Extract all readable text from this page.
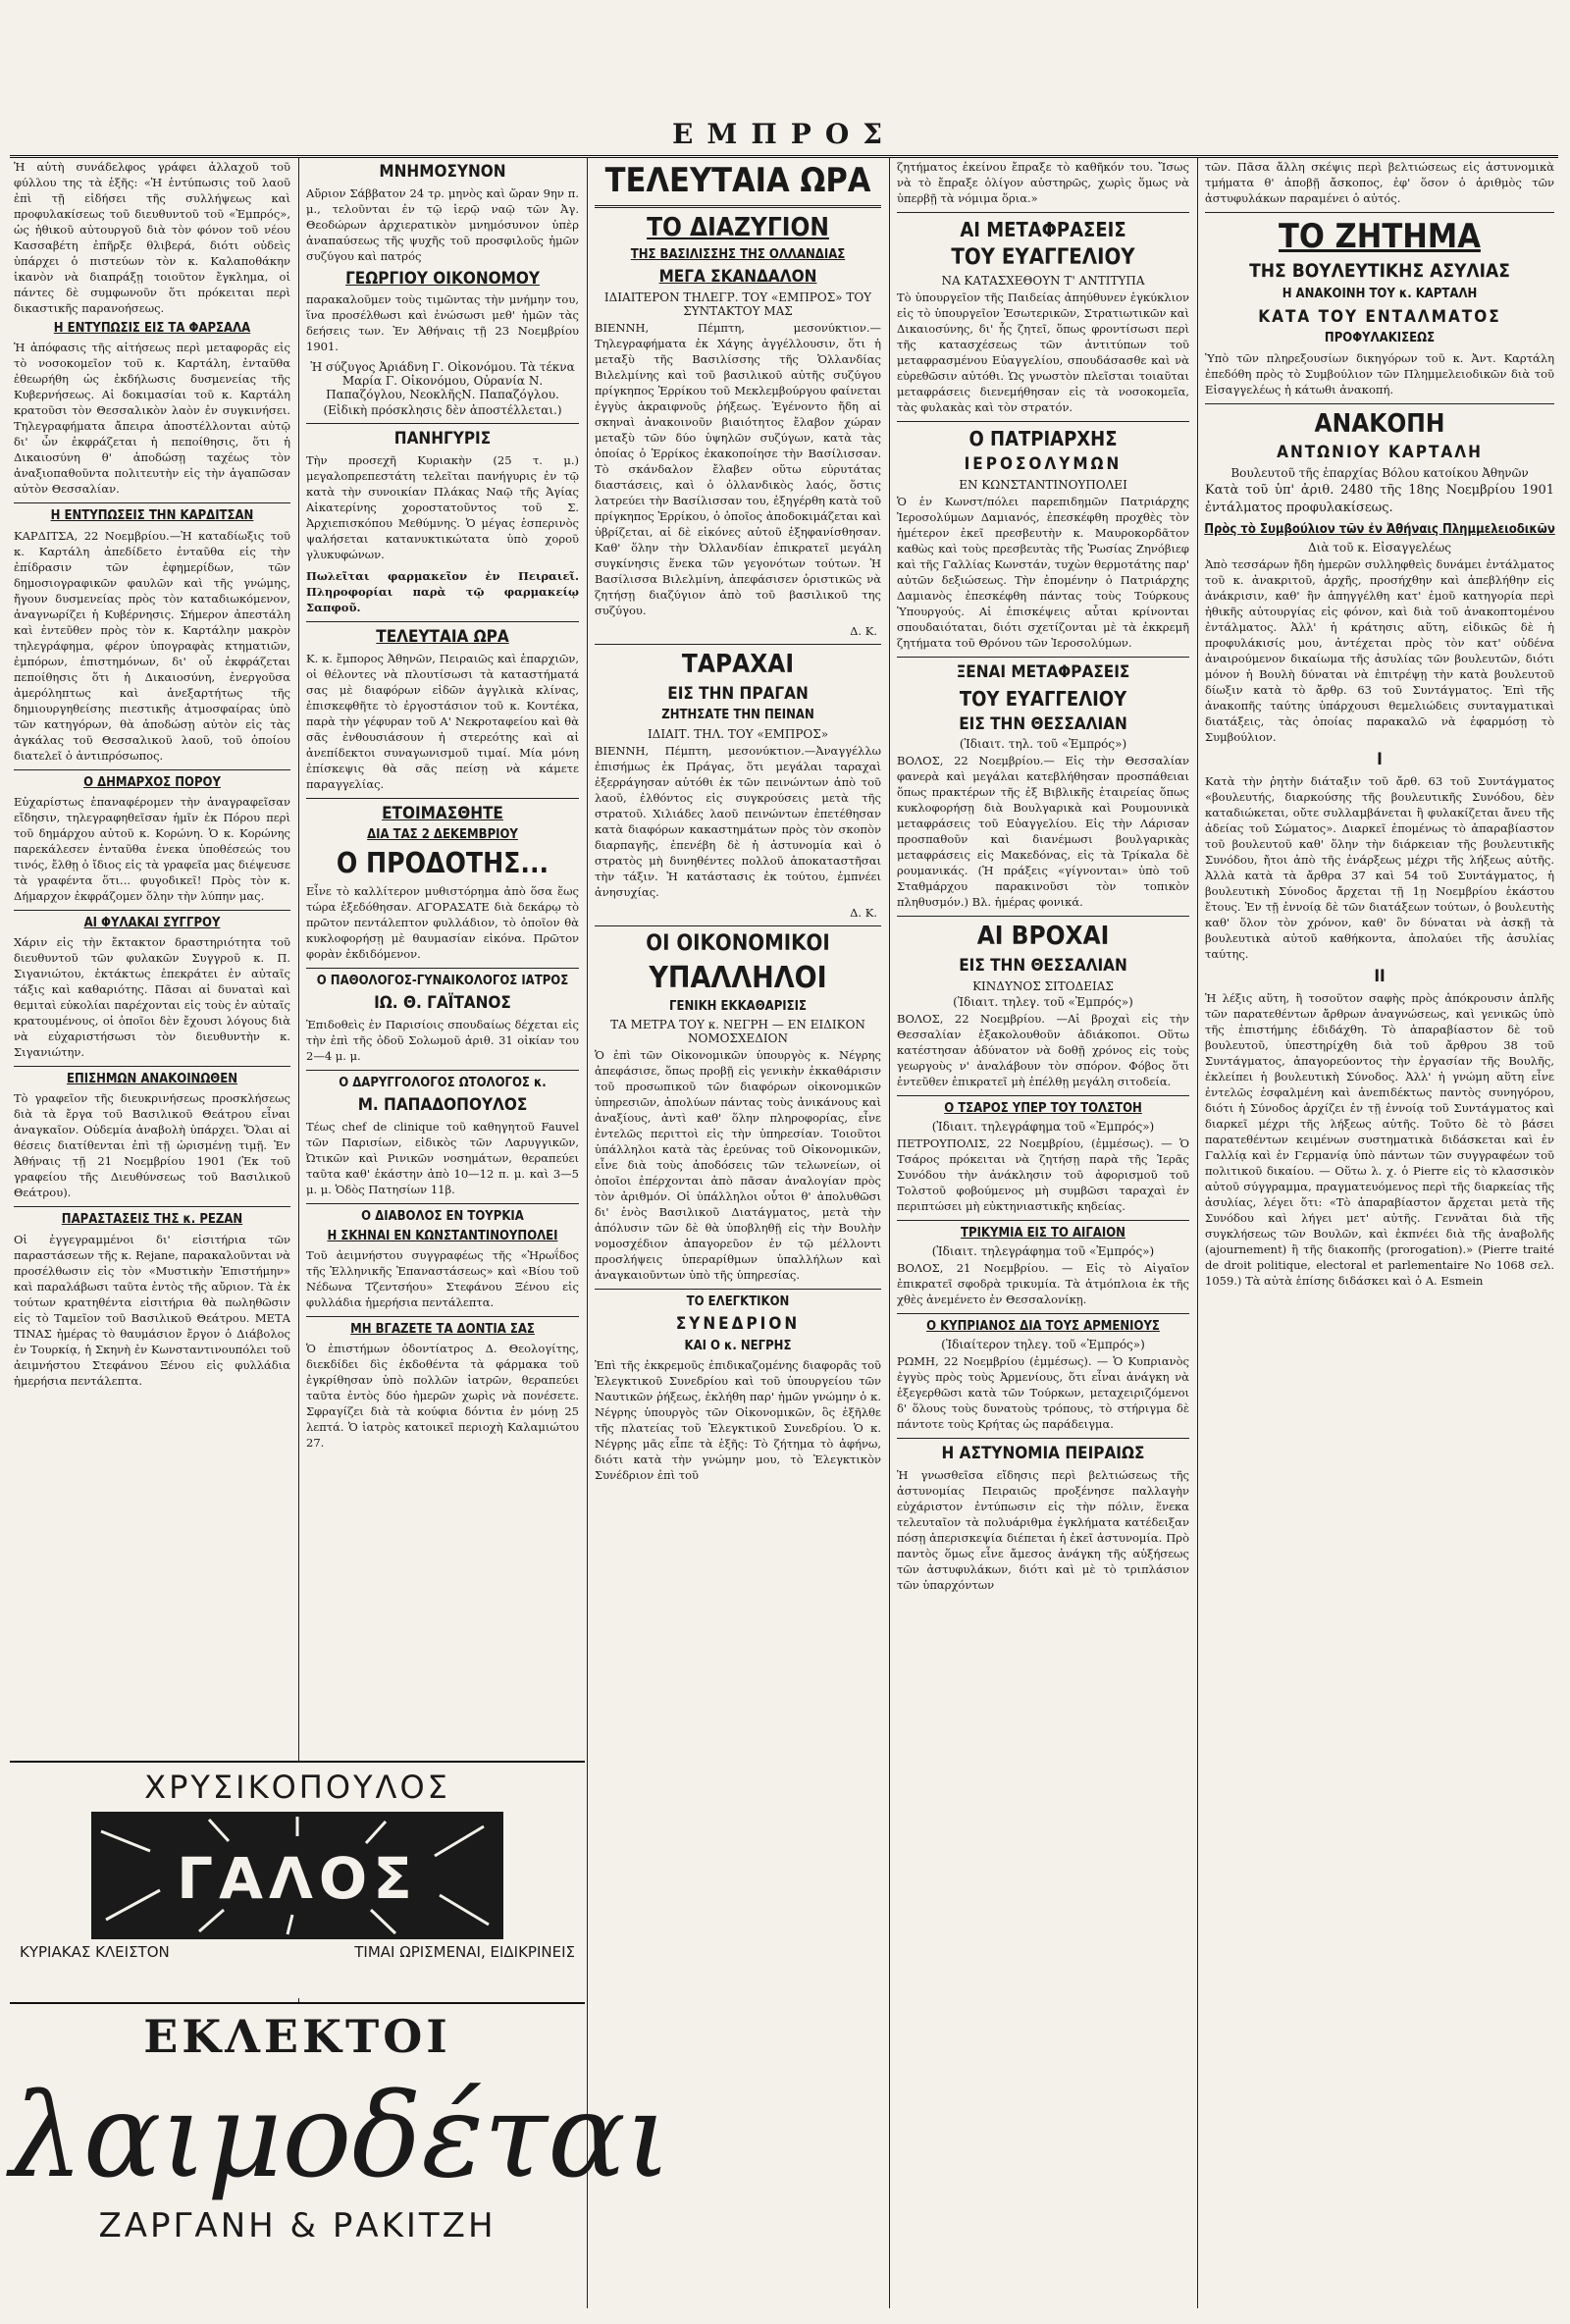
ΕΜΠΡΟΣ
Ἡ αὐτὴ συνάδελφος γράφει ἀλλαχοῦ τοῦ φύλλου της τὰ ἑξῆς: «Ἡ ἐντύπωσις τοῦ λαοῦ ἐπὶ τῇ εἰδήσει τῆς συλλήψεως καὶ προφυλακίσεως τοῦ διευθυντοῦ τοῦ «Ἐμπρός», ὡς ἠθικοῦ αὐτουργοῦ διὰ τὸν φόνον τοῦ νέου Κασσαβέτη ἐπῆρξε θλιβερά, διότι οὐδεὶς ὑπάρχει ὁ πιστεύων τὸν κ. Καλαποθάκην ἱκανὸν νὰ διαπράξῃ τοιοῦτον ἔγκλημα, οἱ πάντες δὲ συμφωνοῦν ὅτι πρόκειται περὶ δικαστικῆς παρανοήσεως.
Η ΕΝΤΥΠΩΣΙΣ ΕΙΣ ΤΑ ΦΑΡΣΑΛΑ
Ἡ ἀπόφασις τῆς αἰτήσεως περὶ μεταφορᾶς εἰς τὸ νοσοκομεῖον τοῦ κ. Καρτάλη, ἐνταῦθα ἐθεωρήθη ὡς ἐκδήλωσις δυσμενείας τῆς Κυβερνήσεως. Αἱ δοκιμασίαι τοῦ κ. Καρτάλη κρατοῦσι τὸν Θεσσαλικὸν λαὸν ἐν συγκινήσει. Τηλεγραφήματα ἄπειρα ἀποστέλλονται αὐτῷ δι' ὧν ἐκφράζεται ἡ πεποίθησις, ὅτι ἡ Δικαιοσύνη θ' ἀποδώσῃ ταχέως τὸν ἀναξιοπαθοῦντα πολιτευτὴν εἰς τὴν ἀγαπῶσαν αὐτὸν Θεσσαλίαν.
Η ΕΝΤΥΠΩΣΕΙΣ ΤΗΝ ΚΑΡΔΙΤΣΑΝ
ΚΑΡΔΙΤΣΑ, 22 Νοεμβρίου.—Ἡ καταδίωξις τοῦ κ. Καρτάλη ἀπεδίδετο ἐνταῦθα εἰς τὴν ἐπίδρασιν τῶν ἐφημερίδων, τῶν δημοσιογραφικῶν φαυλῶν καὶ τῆς γνώμης, ἤγουν δυσμενείας πρὸς τὸν καταδιωκόμενον, ἀναγνωρίζει ἡ Κυβέρνησις. Σήμερον ἀπεστάλη καὶ ἐντεῦθεν πρὸς τὸν κ. Καρτάλην μακρὸν τηλεγράφημα, φέρον ὑπογραφὰς κτηματιῶν, ἐμπόρων, ἐπιστημόνων, δι' οὗ ἐκφράζεται πεποίθησις ὅτι ἡ Δικαιοσύνη, ἐνεργοῦσα ἀμερόληπτως καὶ ἀνεξαρτήτως τῆς δημιουργηθείσης πιεστικῆς ἀτμοσφαίρας ὑπὸ τῶν κατηγόρων, θὰ ἀποδώσῃ αὐτὸν εἰς τὰς ἀγκάλας τοῦ Θεσσαλικοῦ λαοῦ, τοῦ ὁποίου διατελεῖ ὁ ἀντιπρόσωπος.
Ο ΔΗΜΑΡΧΟΣ ΠΟΡΟΥ
Εὐχαρίστως ἐπαναφέρομεν τὴν ἀναγραφεῖσαν εἴδησιν, τηλεγραφηθεῖσαν ἡμῖν ἐκ Πόρου περὶ τοῦ δημάρχου αὐτοῦ κ. Κορώνη. Ὁ κ. Κορώνης παρεκάλεσεν ἐνταῦθα ἑνεκα ὑποθέσεώς του τινός, ἔλθῃ ὁ ἴδιος εἰς τὰ γραφεῖα μας διέψευσε τὰ γραφέντα ὅτι... φυγοδικεῖ! Πρὸς τὸν κ. Δήμαρχον ἐκφράζομεν ὅλην τὴν λύπην μας.
ΑΙ ΦΥΛΑΚΑΙ ΣΥΓΓΡΟΥ
Χάριν εἰς τὴν ἔκτακτον δραστηριότητα τοῦ διευθυντοῦ τῶν φυλακῶν Συγγροῦ κ. Π. Σιγανιώτου, ἐκτάκτως ἐπεκράτει ἐν αὐταῖς τάξις καὶ καθαριότης. Πᾶσαι αἱ δυναταὶ καὶ θεμιταὶ εὐκολίαι παρέχονται εἰς τοὺς ἐν αὐταῖς κρατουμένους, οἱ ὁποῖοι δὲν ἔχουσι λόγους διὰ νὰ εὐχαριστήσωσι τὸν διευθυντὴν κ. Σιγανιώτην.
ΕΠΙΣΗΜΩΝ ΑΝΑΚΟΙΝΩΘΕΝ
Τὸ γραφεῖον τῆς διευκρινήσεως προσκλήσεως διὰ τὰ ἔργα τοῦ Βασιλικοῦ Θεάτρου εἶναι ἀναγκαῖον. Οὐδεμία ἀναβολὴ ὑπάρχει. Ὅλαι αἱ θέσεις διατίθενται ἐπὶ τῇ ὡρισμένῃ τιμῇ. Ἐν Ἀθήναις τῇ 21 Νοεμβρίου 1901 (Ἐκ τοῦ γραφείου τῆς Διευθύνσεως τοῦ Βασιλικοῦ Θεάτρου).
ΠΑΡΑΣΤΑΣΕΙΣ ΤΗΣ κ. ΡΕΖΑΝ
Οἱ ἐγγεγραμμένοι δι' εἰσιτήρια τῶν παραστάσεων τῆς κ. Rejane, παρακαλοῦνται νὰ προσέλθωσιν εἰς τὸν «Μυστικὴν Ἐπιστήμην» καὶ παραλάβωσι ταῦτα ἐντὸς τῆς αὔριον. Τὰ ἐκ τούτων κρατηθέντα εἰσιτήρια θὰ πωληθῶσιν εἰς τὸ Ταμεῖον τοῦ Βασιλικοῦ Θεάτρου. ΜΕΤΑ ΤΙΝΑΣ ἡμέρας τὸ θαυμάσιον ἔργον ὁ Διάβολος ἐν Τουρκίᾳ, ἡ Σκηνὴ ἐν Κωνσταντινουπόλει τοῦ ἀειμνήστου Στεφάνου Ξένου εἰς φυλλάδια ἡμερήσια πεντάλεπτα.
ΜΝΗΜΟΣΥΝΟΝ
Αὔριον Σάββατον 24 τρ. μηνὸς καὶ ὥραν 9ην π. μ., τελοῦνται ἐν τῷ ἱερῷ ναῷ τῶν Ἀγ. Θεοδώρων ἀρχιερατικὸν μνημόσυνον ὑπὲρ ἀναπαύσεως τῆς ψυχῆς τοῦ προσφιλοῦς ἡμῶν συζύγου καὶ πατρός
ΓΕΩΡΓΙΟΥ ΟΙΚΟΝΟΜΟΥ
παρακαλοῦμεν τοὺς τιμῶντας τὴν μνήμην του, ἵνα προσέλθωσι καὶ ἑνώσωσι μεθ' ἡμῶν τὰς δεήσεις των. Ἐν Ἀθήναις τῇ 23 Νοεμβρίου 1901.
Ἡ σύζυγος Ἀριάδνη Γ. Οἰκονόμου. Τὰ τέκνα Μαρία Γ. Οἰκονόμου, Οὐρανία Ν. Παπαζόγλου, ΝεοκλῆςΝ. Παπαζόγλου.
(Εἰδικὴ πρόσκλησις δὲν ἀποστέλλεται.)
ΠΑΝΗΓΥΡΙΣ
Τὴν προσεχῆ Κυριακὴν (25 τ. μ.) μεγαλοπρεπεστάτη τελεῖται πανήγυρις ἐν τῷ κατὰ τὴν συνοικίαν Πλάκας Ναῷ τῆς Ἁγίας Αἰκατερίνης χοροστατοῦντος τοῦ Σ. Ἀρχιεπισκόπου Μεθύμνης. Ὁ μέγας ἑσπερινὸς ψαλήσεται κατανυκτικώτατα ὑπὸ χοροῦ γλυκυφώνων.
Πωλεῖται φαρμακεῖον ἐν Πειραιεῖ. Πληροφορίαι παρὰ τῷ φαρμακείῳ Σαπφοῦ.
ΤΕΛΕΥΤΑΙΑ ΩΡΑ
Κ. κ. ἔμπορος Ἀθηνῶν, Πειραιῶς καὶ ἐπαρχιῶν, οἱ θέλοντες νὰ πλουτίσωσι τὰ καταστήματά σας μὲ διαφόρων εἰδῶν ἀγγλικὰ κλίνας, ἐπισκεφθῆτε τὸ ἐργοστάσιον τοῦ κ. Κοντέκα, παρὰ τὴν γέφυραν τοῦ Α' Νεκροταφείου καὶ θὰ σᾶς ἐνθουσιάσουν ἡ στερεότης καὶ αἱ ἀνεπίδεκτοι συναγωνισμοῦ τιμαί. Μία μόνη ἐπίσκεψις θὰ σᾶς πείσῃ νὰ κάμετε παραγγελίας.
ΕΤΟΙΜΑΣΘΗΤΕ
ΔΙΑ ΤΑΣ 2 ΔΕΚΕΜΒΡΙΟΥ
Ο ΠΡΟΔΟΤΗΣ...
Εἶνε τὸ καλλίτερον μυθιστόρημα ἀπὸ ὅσα ἕως τώρα ἐξεδόθησαν. ΑΓΟΡΑΣΑΤΕ διὰ δεκάρῳ τὸ πρῶτον πεντάλεπτον φυλλάδιον, τὸ ὁποῖον θὰ κυκλοφορήσῃ μὲ θαυμασίαν εἰκόνα. Πρῶτον φορὰν ἐκδιδόμενον.
Ο ΠΑΘΟΛΟΓΟΣ-ΓΥΝΑΙΚΟΛΟΓΟΣ ΙΑΤΡΟΣ
ΙΩ. Θ. ΓΑΪΤΑΝΟΣ
Ἐπιδοθεὶς ἐν Παρισίοις σπουδαίως δέχεται εἰς τὴν ἐπὶ τῆς ὁδοῦ Σολωμοῦ ἀριθ. 31 οἰκίαν του 2—4 μ. μ.
Ο ΔΑΡΥΓΓΟΛΟΓΟΣ ΩΤΟΛΟΓΟΣ κ.
Μ. ΠΑΠΑΔΟΠΟΥΛΟΣ
Τέως chef de clinique τοῦ καθηγητοῦ Fauvel τῶν Παρισίων, εἰδικὸς τῶν Λαρυγγικῶν, Ὠτικῶν καὶ Ρινικῶν νοσημάτων, θεραπεύει ταῦτα καθ' ἑκάστην ἀπὸ 10—12 π. μ. καὶ 3—5 μ. μ. Ὁδὸς Πατησίων 11β.
Ο ΔΙΑΒΟΛΟΣ ΕΝ ΤΟΥΡΚΙΑ
Η ΣΚΗΝΑΙ ΕΝ ΚΩΝΣΤΑΝΤΙΝΟΥΠΟΛΕΙ
Τοῦ ἀειμνήστου συγγραφέως τῆς «Ἡρωΐδος τῆς Ἑλληνικῆς Ἐπαναστάσεως» καὶ «Βίου τοῦ Νέδωνα Τζεντσήου» Στεφάνου Ξένου εἰς φυλλάδια ἡμερήσια πεντάλεπτα.
ΜΗ ΒΓΑΖΕΤΕ ΤΑ ΔΟΝΤΙΑ ΣΑΣ
Ὁ ἐπιστήμων ὀδοντίατρος Δ. Θεολογίτης, διεκδίδει δὶς ἐκδοθέντα τὰ φάρμακα τοῦ ἐγκρίθησαν ὑπὸ πολλῶν ἰατρῶν, θεραπεύει ταῦτα ἐντὸς δύο ἡμερῶν χωρὶς νὰ πονέσετε. Σφραγίζει διὰ τὰ κούφια δόντια ἐν μόνῃ 25 λεπτά. Ὁ ἰατρὸς κατοικεῖ περιοχὴ Καλαμιώτου 27.
ΤΕΛΕΥΤΑΙΑ ΩΡΑ
ΤΟ ΔΙΑΖΥΓΙΟΝ
ΤΗΣ ΒΑΣΙΛΙΣΣΗΣ ΤΗΣ ΟΛΛΑΝΔΙΑΣ
ΜΕΓΑ ΣΚΑΝΔΑΛΟΝ
ΙΔΙΑΙΤΕΡΟΝ ΤΗΛΕΓΡ. ΤΟΥ «ΕΜΠΡΟΣ» ΤΟΥ ΣΥΝΤΑΚΤΟΥ ΜΑΣ
ΒΙΕΝΝΗ, Πέμπτη, μεσονύκτιον.— Τηλεγραφήματα ἐκ Χάγης ἀγγέλλουσιν, ὅτι ἡ μεταξὺ τῆς Βασιλίσσης τῆς Ὁλλανδίας Βιλελμίνης καὶ τοῦ βασιλικοῦ αὐτῆς συζύγου πρίγκηπος Ἐρρίκου τοῦ Μεκλεμβούργου φαίνεται ἐγγὺς ἀκραιφνοῦς ῥήξεως. Ἐγένοντο ἤδη αἱ σκηναὶ ἀνακοινοῦν βιαιότητος ἔλαβον χώραν μεταξὺ τῶν δύο ὑψηλῶν συζύγων, κατὰ τὰς ὁποίας ὁ Ἐρρίκος ἐκακοποίησε τὴν Βασίλισσαν. Τὸ σκάνδαλον ἔλαβεν οὕτω εὐρυτάτας διαστάσεις, καὶ ὁ ὀλλανδικὸς λαός, ὅστις λατρεύει τὴν Βασίλισσαν του, ἐξηγέρθη κατὰ τοῦ πρίγκηπος Ἐρρίκου, ὁ ὁποῖος ἀποδοκιμάζεται καὶ ὑβρίζεται, αἱ δὲ εἰκόνες αὐτοῦ ἐξηφανίσθησαν. Καθ' ὅλην τὴν Ὀλλανδίαν ἐπικρατεῖ μεγάλη συγκίνησις ἕνεκα τῶν γεγονότων τούτων. Ἡ Βασίλισσα Βιλελμίνη, ἀπεφάσισεν ὁριστικῶς νὰ ζητήσῃ διαζύγιον ἀπὸ τοῦ βασιλικοῦ της συζύγου.
Δ. Κ.
ΤΑΡΑΧΑΙ
ΕΙΣ ΤΗΝ ΠΡΑΓΑΝ
ΖΗΤΗΣΑΤΕ ΤΗΝ ΠΕΙΝΑΝ
ΙΔΙΑΙΤ. ΤΗΛ. ΤΟΥ «ΕΜΠΡΟΣ»
ΒΙΕΝΝΗ, Πέμπτη, μεσονύκτιον.—Ἀναγγέλλω ἐπισήμως ἐκ Πράγας, ὅτι μεγάλαι ταραχαὶ ἐξερράγησαν αὐτόθι ἐκ τῶν πεινώντων ἀπὸ τοῦ λαοῦ, ἐλθόντος εἰς συγκρούσεις μετὰ τῆς στρατοῦ. Χιλιάδες λαοῦ πεινώντων ἐπετέθησαν κατὰ διαφόρων κακαστημάτων πρὸς τὸν σκοπὸν διαρπαγῆς, ἐπενέβη δὲ ἡ ἀστυνομία καὶ ὁ στρατὸς μὴ δυνηθέντες πολλοῦ ἀποκαταστῆσαι τὴν τάξιν. Ἡ κατάστασις ἐκ τούτου, ἐμπνέει ἀνησυχίας.
Δ. Κ.
ΟΙ ΟΙΚΟΝΟΜΙΚΟΙ
ΥΠΑΛΛΗΛΟΙ
ΓΕΝΙΚΗ ΕΚΚΑΘΑΡΙΣΙΣ
ΤΑ ΜΕΤΡΑ ΤΟΥ κ. ΝΕΓΡΗ — ΕΝ ΕΙΔΙΚΟΝ ΝΟΜΟΣΧΕΔΙΟΝ
Ὁ ἐπὶ τῶν Οἰκονομικῶν ὑπουργὸς κ. Νέγρης ἀπεφάσισε, ὅπως προβῇ εἰς γενικὴν ἐκκαθάρισιν τοῦ προσωπικοῦ τῶν διαφόρων οἰκονομικῶν ὑπηρεσιῶν, ἀπολύων πάντας τοὺς ἀνικάνους καὶ ἀναξίους, ἀντὶ καθ' ὅλην πληροφορίας, εἶνε ἐντελῶς περιττοὶ εἰς τὴν ὑπηρεσίαν. Τοιοῦτοι ὑπάλληλοι κατὰ τὰς ἐρεύνας τοῦ Οἰκονομικῶν, εἶνε διὰ τοὺς ἀποδόσεις τῶν τελωνείων, οἱ ὁποῖοι ἐπέρχονται ἀπὸ πᾶσαν ἀναλογίαν πρὸς τὸν ἀριθμόν. Οἱ ὑπάλληλοι οὗτοι θ' ἀπολυθῶσι δι' ἑνὸς Βασιλικοῦ Διατάγματος, μετὰ τὴν ἀπόλυσιν τῶν δὲ θὰ ὑποβληθῇ εἰς τὴν Βουλὴν νομοσχέδιον ἀπαγορεῦον ἐν τῷ μέλλοντι προσλήψεις ὑπεραρίθμων ὑπαλλήλων καὶ ἀναγκαιοῦντων ὑπὸ τῆς ὑπηρεσίας.
ΤΟ ΕΛΕΓΚΤΙΚΟΝ
ΣΥΝΕΔΡΙΟΝ
ΚΑΙ Ο κ. ΝΕΓΡΗΣ
Ἐπὶ τῆς ἐκκρεμοῦς ἐπιδικαζομένης διαφορᾶς τοῦ Ἐλεγκτικοῦ Συνεδρίου καὶ τοῦ ὑπουργείου τῶν Ναυτικῶν ῥήξεως, ἐκλήθη παρ' ἡμῶν γνώμην ὁ κ. Νέγρης ὑπουργὸς τῶν Οἰκονομικῶν, ὃς ἐξῆλθε τῆς πλατείας τοῦ Ἐλεγκτικοῦ Συνεδρίου. Ὁ κ. Νέγρης μᾶς εἶπε τὰ ἑξῆς: Τὸ ζήτημα τὸ ἀφήνω, διότι κατὰ τὴν γνώμην μου, τὸ Ἐλεγκτικὸν Συνέδριον ἐπὶ τοῦ
ζητήματος ἐκείνου ἔπραξε τὸ καθῆκόν του. Ἴσως νὰ τὸ ἔπραξε ὀλίγον αὐστηρῶς, χωρὶς ὅμως νὰ ὑπερβῇ τὰ νόμιμα ὅρια.»
ΑΙ ΜΕΤΑΦΡΑΣΕΙΣ
ΤΟΥ ΕΥΑΓΓΕΛΙΟΥ
ΝΑ ΚΑΤΑΣΧΕΘΟΥΝ Τ' ΑΝΤΙΤΥΠΑ
Τὸ ὑπουργεῖον τῆς Παιδείας ἀπηύθυνεν ἐγκύκλιον εἰς τὸ ὑπουργεῖον Ἐσωτερικῶν, Στρατιωτικῶν καὶ Δικαιοσύνης, δι' ἧς ζητεῖ, ὅπως φροντίσωσι περὶ τῆς κατασχέσεως τῶν ἀντιτύπων τοῦ μεταφρασμένου Εὐαγγελίου, σπουδάσασθε καὶ νὰ εὑρεθῶσιν αὐτόθι. Ὡς γνωστὸν πλεῖσται τοιαῦται μεταφράσεις διενεμήθησαν εἰς τὰ νοσοκομεῖα, τὰς φυλακὰς καὶ τὸν στρατόν.
Ο ΠΑΤΡΙΑΡΧΗΣ
ΙΕΡΟΣΟΛΥΜΩΝ
ΕΝ ΚΩΝΣΤΑΝΤΙΝΟΥΠΟΛΕΙ
Ὁ ἐν Κωνστ/πόλει παρεπιδημῶν Πατριάρχης Ἱεροσολύμων Δαμιανός, ἐπεσκέφθη προχθὲς τὸν ἡμέτερον ἐκεῖ πρεσβευτὴν κ. Μαυροκορδᾶτον καθὼς καὶ τοὺς πρεσβευτὰς τῆς Ῥωσίας Ζηνόβιεφ καὶ τῆς Γαλλίας Κωνστάν, τυχὼν θερμοτάτης παρ' αὐτῶν δεξιώσεως. Τὴν ἐπομένην ὁ Πατριάρχης Δαμιανὸς ἐπεσκέφθη πάντας τοὺς Τούρκους Ὑπουργούς. Αἱ ἐπισκέψεις αὗται κρίνονται σπουδαιόταται, διότι σχετίζονται μὲ τὰ ἐκκρεμῆ ζητήματα τοῦ Θρόνου τῶν Ἱεροσολύμων.
ΞΕΝΑΙ ΜΕΤΑΦΡΑΣΕΙΣ
ΤΟΥ ΕΥΑΓΓΕΛΙΟΥ
ΕΙΣ ΤΗΝ ΘΕΣΣΑΛΙΑΝ
(Ἰδιαιτ. τηλ. τοῦ «Ἐμπρός»)
ΒΟΛΟΣ, 22 Νοεμβρίου.— Εἰς τὴν Θεσσαλίαν φανερὰ καὶ μεγάλαι κατεβλήθησαν προσπάθειαι ὅπως πρακτέρων τῆς ἐξ Βιβλικῆς ἑταιρείας ὅπως κυκλοφορήσῃ διὰ Βουλγαρικὰ καὶ Ρουμουνικὰ μεταφράσεις τοῦ Εὐαγγελίου. Εἰς τὴν Λάρισαν προσπαθοῦν καὶ διανέμωσι βουλγαρικὰς μεταφράσεις εἰς Μακεδόνας, εἰς τὰ Τρίκαλα δὲ ρουμανικάς. (Ἡ πράξεις «γίγνονται» ὑπὸ τοῦ Σταθμάρχου παρακινοῦσι τὸν τοπικὸν πληθυσμόν.) Βλ. ἡμέρας φονικά.
ΑΙ ΒΡΟΧΑΙ
ΕΙΣ ΤΗΝ ΘΕΣΣΑΛΙΑΝ
ΚΙΝΔΥΝΟΣ ΣΙΤΟΔΕΙΑΣ
(Ἰδιαιτ. τηλεγ. τοῦ «Ἐμπρός»)
ΒΟΛΟΣ, 22 Νοεμβρίου. —Αἱ βροχαὶ εἰς τὴν Θεσσαλίαν ἐξακολουθοῦν ἀδιάκοποι. Οὕτω κατέστησαν ἀδύνατον νὰ δοθῇ χρόνος εἰς τοὺς γεωργοὺς ν' ἀναλάβουν τὸν σπόρον. Φόβος ὅτι ἐντεῦθεν ἐπικρατεῖ μὴ ἐπέλθῃ μεγάλη σιτοδεία.
Ο ΤΣΑΡΟΣ ΥΠΕΡ ΤΟΥ ΤΟΛΣΤΟΗ
(Ἰδιαιτ. τηλεγράφημα τοῦ «Ἐμπρός»)
ΠΕΤΡΟΥΠΟΛΙΣ, 22 Νοεμβρίου, (ἐμμέσως). — Ὁ Τσάρος πρόκειται νὰ ζητήσῃ παρὰ τῆς Ἱερᾶς Συνόδου τὴν ἀνάκλησιν τοῦ ἀφορισμοῦ τοῦ Τολστοῦ φοβούμενος μὴ συμβῶσι ταραχαὶ ἐν περιπτώσει μὴ εὐκτηνιαστικῆς κηδείας.
ΤΡΙΚΥΜΙΑ ΕΙΣ ΤΟ ΑΙΓΑΙΟΝ
(Ἰδιαιτ. τηλεγράφημα τοῦ «Ἐμπρός»)
ΒΟΛΟΣ, 21 Νοεμβρίου. — Εἰς τὸ Αἰγαῖον ἐπικρατεῖ σφοδρὰ τρικυμία. Τὰ ἀτμόπλοια ἐκ τῆς χθὲς ἀνεμένετο ἐν Θεσσαλονίκῃ.
Ο ΚΥΠΡΙΑΝΟΣ ΔΙΑ ΤΟΥΣ ΑΡΜΕΝΙΟΥΣ
(Ἰδιαίτερον τηλεγ. τοῦ «Ἐμπρός»)
ΡΩΜΗ, 22 Νοεμβρίου (ἐμμέσως). — Ὁ Κυπριανὸς ἐγγὺς πρὸς τοὺς Ἀρμενίους, ὅτι εἶναι ἀνάγκη νὰ ἐξεγερθῶσι κατὰ τῶν Τούρκων, μεταχειριζόμενοι δ' ὅλους τοὺς δυνατοὺς τρόπους, τὸ στήριγμα δὲ πάντοτε τοὺς Κρήτας ὡς παράδειγμα.
Η ΑΣΤΥΝΟΜΙΑ ΠΕΙΡΑΙΩΣ
Ἡ γνωσθεῖσα εἴδησις περὶ βελτιώσεως τῆς ἀστυνομίας Πειραιῶς προξένησε παλλαγὴν εὐχάριστον ἐντύπωσιν εἰς τὴν πόλιν, ἕνεκα τελευταῖον τὰ πολυάριθμα ἐγκλήματα κατέδειξαν πόσῃ ἀπερισκεψία διέπεται ἡ ἐκεῖ ἀστυνομία. Πρὸ παντὸς ὅμως εἶνε ἄμεσος ἀνάγκη τῆς αὐξήσεως τῶν ἀστυφυλάκων, διότι καὶ μὲ τὸ τριπλάσιον τῶν ὑπαρχόντων
τῶν. Πᾶσα ἄλλη σκέψις περὶ βελτιώσεως εἰς ἀστυνομικὰ τμήματα θ' ἀποβῇ ἄσκοπος, ἐφ' ὅσον ὁ ἀριθμὸς τῶν ἀστυφυλάκων παραμένει ὁ αὐτός.
ΤΟ ΖΗΤΗΜΑ
ΤΗΣ ΒΟΥΛΕΥΤΙΚΗΣ ΑΣΥΛΙΑΣ
Η ΑΝΑΚΟΙΝΗ ΤΟΥ κ. ΚΑΡΤΑΛΗ
ΚΑΤΑ ΤΟΥ ΕΝΤΑΛΜΑΤΟΣ
ΠΡΟΦΥΛΑΚΙΣΕΩΣ
Ὑπὸ τῶν πληρεξουσίων δικηγόρων τοῦ κ. Ἀντ. Καρτάλη ἐπεδόθη πρὸς τὸ Συμβούλιον τῶν Πλημμελειοδικῶν διὰ τοῦ Εἰσαγγελέως ἡ κάτωθι ἀνακοπή.
ΑΝΑΚΟΠΗ
ΑΝΤΩΝΙΟΥ ΚΑΡΤΑΛΗ
Βουλευτοῦ τῆς ἐπαρχίας Βόλου κατοίκου Ἀθηνῶν
Κατὰ τοῦ ὑπ' ἀριθ. 2480 τῆς 18ης Νοεμβρίου 1901 ἐντάλματος προφυλακίσεως.
Πρὸς τὸ Συμβούλιον τῶν ἐν Ἀθήναις Πλημμελειοδικῶν
Διὰ τοῦ κ. Εἰσαγγελέως
Ἀπὸ τεσσάρων ἤδη ἡμερῶν συλληφθεὶς δυνάμει ἐντάλματος τοῦ κ. ἀνακριτοῦ, ἀρχῆς, προσήχθην καὶ ἀπεβλήθην εἰς ἀνάκρισιν, καθ' ἣν ἀπηγγέλθη κατ' ἐμοῦ κατηγορία περὶ ἠθικῆς αὐτουργίας εἰς φόνον, καὶ διὰ τοῦ ἀνακοπτομένου ἐντάλματος. Ἀλλ' ἡ κράτησις αὕτη, εἰδικῶς δὲ ἡ προφυλάκισίς μου, ἀντέχεται πρὸς τὸν κατ' οὐδένα ἀναιρούμενον δικαίωμα τῆς ἀσυλίας τῶν βουλευτῶν, διότι μόνον ἡ Βουλὴ δύναται νὰ ἐπιτρέψῃ τὴν κατὰ βουλευτοῦ δίωξιν κατὰ τὸ ἄρθρ. 63 τοῦ Συντάγματος. Ἐπὶ τῆς ἀνακοπῆς ταύτης ὑπάρχουσι θεμελιώδεις συνταγματικαὶ διατάξεις, τὰς ὁποίας παρακαλῶ νὰ ἐφαρμόσῃ τὸ Συμβούλιον.
Ι
Κατὰ τὴν ῥητὴν διάταξιν τοῦ ἄρθ. 63 τοῦ Συντάγματος «βουλευτής, διαρκούσης τῆς βουλευτικῆς Συνόδου, δὲν καταδιώκεται, οὔτε συλλαμβάνεται ἢ φυλακίζεται ἄνευ τῆς ἀδείας τοῦ Σώματος». Διαρκεῖ ἐπομένως τὸ ἀπαραβίαστον τοῦ βουλευτοῦ καθ' ὅλην τὴν διάρκειαν τῆς βουλευτικῆς Συνόδου, ἤτοι ἀπὸ τῆς ἐνάρξεως μέχρι τῆς λήξεως αὐτῆς. Ἀλλὰ κατὰ τὰ ἄρθρα 37 καὶ 54 τοῦ Συντάγματος, ἡ βουλευτικὴ Σύνοδος ἄρχεται τῇ 1ῃ Νοεμβρίου ἑκάστου ἔτους. Ἐν τῇ ἐννοίᾳ δὲ τῶν διατάξεων τούτων, ὁ βουλευτὴς καθ' ὅλον τὸν χρόνον, καθ' ὃν δύναται νὰ ἀσκῇ τὰ βουλευτικὰ αὐτοῦ καθήκοντα, ἀπολαύει τῆς ἀσυλίας ταύτης.
ΙΙ
Ἡ λέξις αὕτη, ἢ τοσοῦτον σαφὴς πρὸς ἀπόκρουσιν ἁπλῆς τῶν παρατεθέντων ἄρθρων ἀναγνώσεως, καὶ γενικῶς ὑπὸ τῆς ἐπιστήμης ἐδιδάχθη. Τὸ ἀπαραβίαστον δὲ τοῦ βουλευτοῦ, ὑπεστηρίχθη διὰ τοῦ ἄρθρου 38 τοῦ Συντάγματος, ἀπαγορεύοντος τὴν ἐργασίαν τῆς Βουλῆς, ἐκλείπει ἡ βουλευτικὴ Σύνοδος. Ἀλλ' ἡ γνώμη αὕτη εἶνε ἐντελῶς ἐσφαλμένη καὶ ἀνεπιδέκτως παντὸς συνηγόρου, διότι ἡ Σύνοδος ἀρχίζει ἐν τῇ ἐννοίᾳ τοῦ Συντάγματος καὶ διαρκεῖ μέχρι τῆς λήξεως αὐτῆς. Τοῦτο δὲ τὸ βάσει παρατεθέντων κειμένων συστηματικὰ διδάσκεται καὶ ἐν Γαλλίᾳ καὶ ἐν Γερμανίᾳ ὑπὸ πάντων τῶν συγγραφέων τοῦ πολιτικοῦ δικαίου. — Οὕτω λ. χ. ὁ Pierre εἰς τὸ κλασσικὸν αὐτοῦ σύγγραμμα, πραγματευόμενος περὶ τῆς διαρκείας τῆς ἀσυλίας, λέγει ὅτι: «Τὸ ἀπαραβίαστον ἄρχεται μετὰ τῆς Συνόδου καὶ λήγει μετ' αὐτῆς. Γεννᾶται διὰ τῆς συγκλήσεως τῶν Βουλῶν, καὶ ἐκπνέει διὰ τῆς ἀναβολῆς (ajournement) ἢ τῆς διακοπῆς (prorogation).» (Pierre traité de droit politique, electoral et parlementaire Νο 1068 σελ. 1059.) Τὰ αὐτὰ ἐπίσης διδάσκει καὶ ὁ Α. Esmein
ΧΡΥΣΙΚΟΠΟΥΛΟΣ
ΓΑΛΟΣ
ΚΥΡΙΑΚΑΣ ΚΛΕΙΣΤΟΝ	ΤΙΜΑΙ ΩΡΙΣΜΕΝΑΙ, ΕΙΔΙΚΡΙΝΕΙΣ
ΕΚΛΕΚΤΟΙ
λαιμοδέται
ΖΑΡΓΑΝΗ & ΡΑΚΙΤΖΗ
